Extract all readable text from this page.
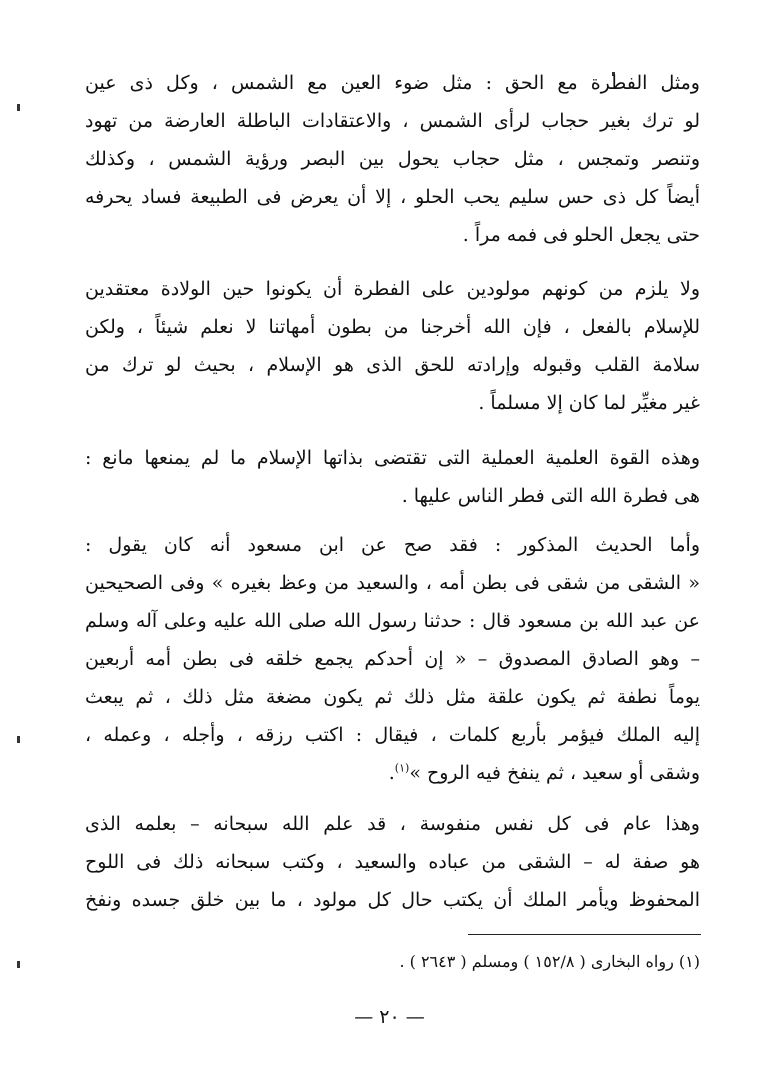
ومثل الفطرة مع الحق : مثل ضوء العين مع الشمس ، وكل ذى عين
لو ترك بغير حجاب لرأى الشمس ، والاعتقادات الباطلة العارضة من تهود
وتنصر وتمجس ، مثل حجاب يحول بين البصر ورؤية الشمس ، وكذلك
أيضاً كل ذى حس سليم يحب الحلو ، إلا أن يعرض فى الطبيعة فساد يحرفه
حتى يجعل الحلو فى فمه مراً .
ولا يلزم من كونهم مولودين على الفطرة أن يكونوا حين الولادة معتقدين
للإسلام بالفعل ، فإن الله أخرجنا من بطون أمهاتنا لا نعلم شيئاً ، ولكن
سلامة القلب وقبوله وإرادته للحق الذى هو الإسلام ، بحيث لو ترك من
غير مغيِّر لما كان إلا مسلماً .
وهذه القوة العلمية العملية التى تقتضى بذاتها الإسلام ما لم يمنعها مانع :
هى فطرة الله التى فطر الناس عليها .
وأما الحديث المذكور : فقد صح عن ابن مسعود أنه كان يقول :
« الشقى من شقى فى بطن أمه ، والسعيد من وعظ بغيره » وفى الصحيحين
عن عبد الله بن مسعود قال : حدثنا رسول الله صلى الله عليه وعلى آله وسلم
– وهو الصادق المصدوق – « إن أحدكم يجمع خلقه فى بطن أمه أربعين
يوماً نطفة ثم يكون علقة مثل ذلك ثم يكون مضغة مثل ذلك ، ثم يبعث
إليه الملك فيؤمر بأربع كلمات ، فيقال : اكتب رزقه ، وأجله ، وعمله ،
وشقى أو سعيد ، ثم ينفخ فيه الروح »$^{(١)}$.
وهذا عام فى كل نفس منفوسة ، قد علم الله سبحانه – بعلمه الذى
هو صفة له – الشقى من عباده والسعيد ، وكتب سبحانه ذلك فى اللوح
المحفوظ ويأمر الملك أن يكتب حال كل مولود ، ما بين خلق جسده ونفخ
(١) رواه البخارى ( ١٥٢/٨ ) ومسلم ( ٢٦٤٣ ) .
— ٢٠ —
